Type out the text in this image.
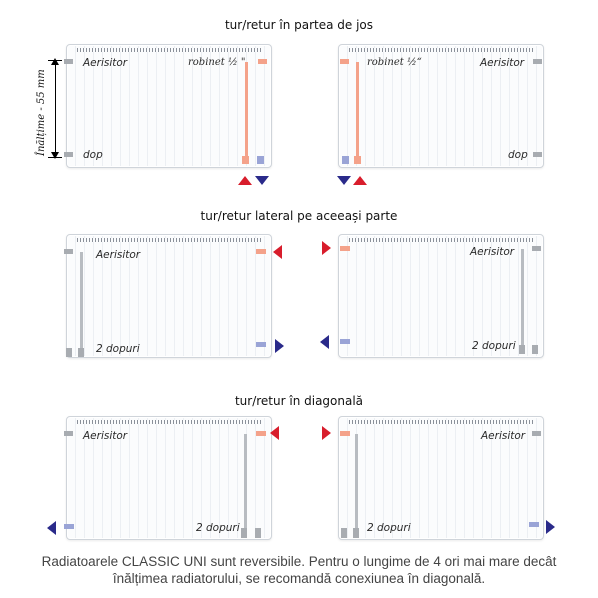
tur/retur în partea de jos
Aerisitor	robinet ½ "
dop
Înălțime - 55 mm
robinet ½“	Aerisitor
dop
tur/retur lateral pe aceeași parte
Aerisitor
2 dopuri
Aerisitor
2 dopuri
tur/retur în diagonală
Aerisitor
2 dopuri
Aerisitor
2 dopuri
Radiatoarele CLASSIC UNI sunt reversibile. Pentru o lungime de 4 ori mai mare decât
înălțimea radiatorului, se recomandă conexiunea în diagonală.
